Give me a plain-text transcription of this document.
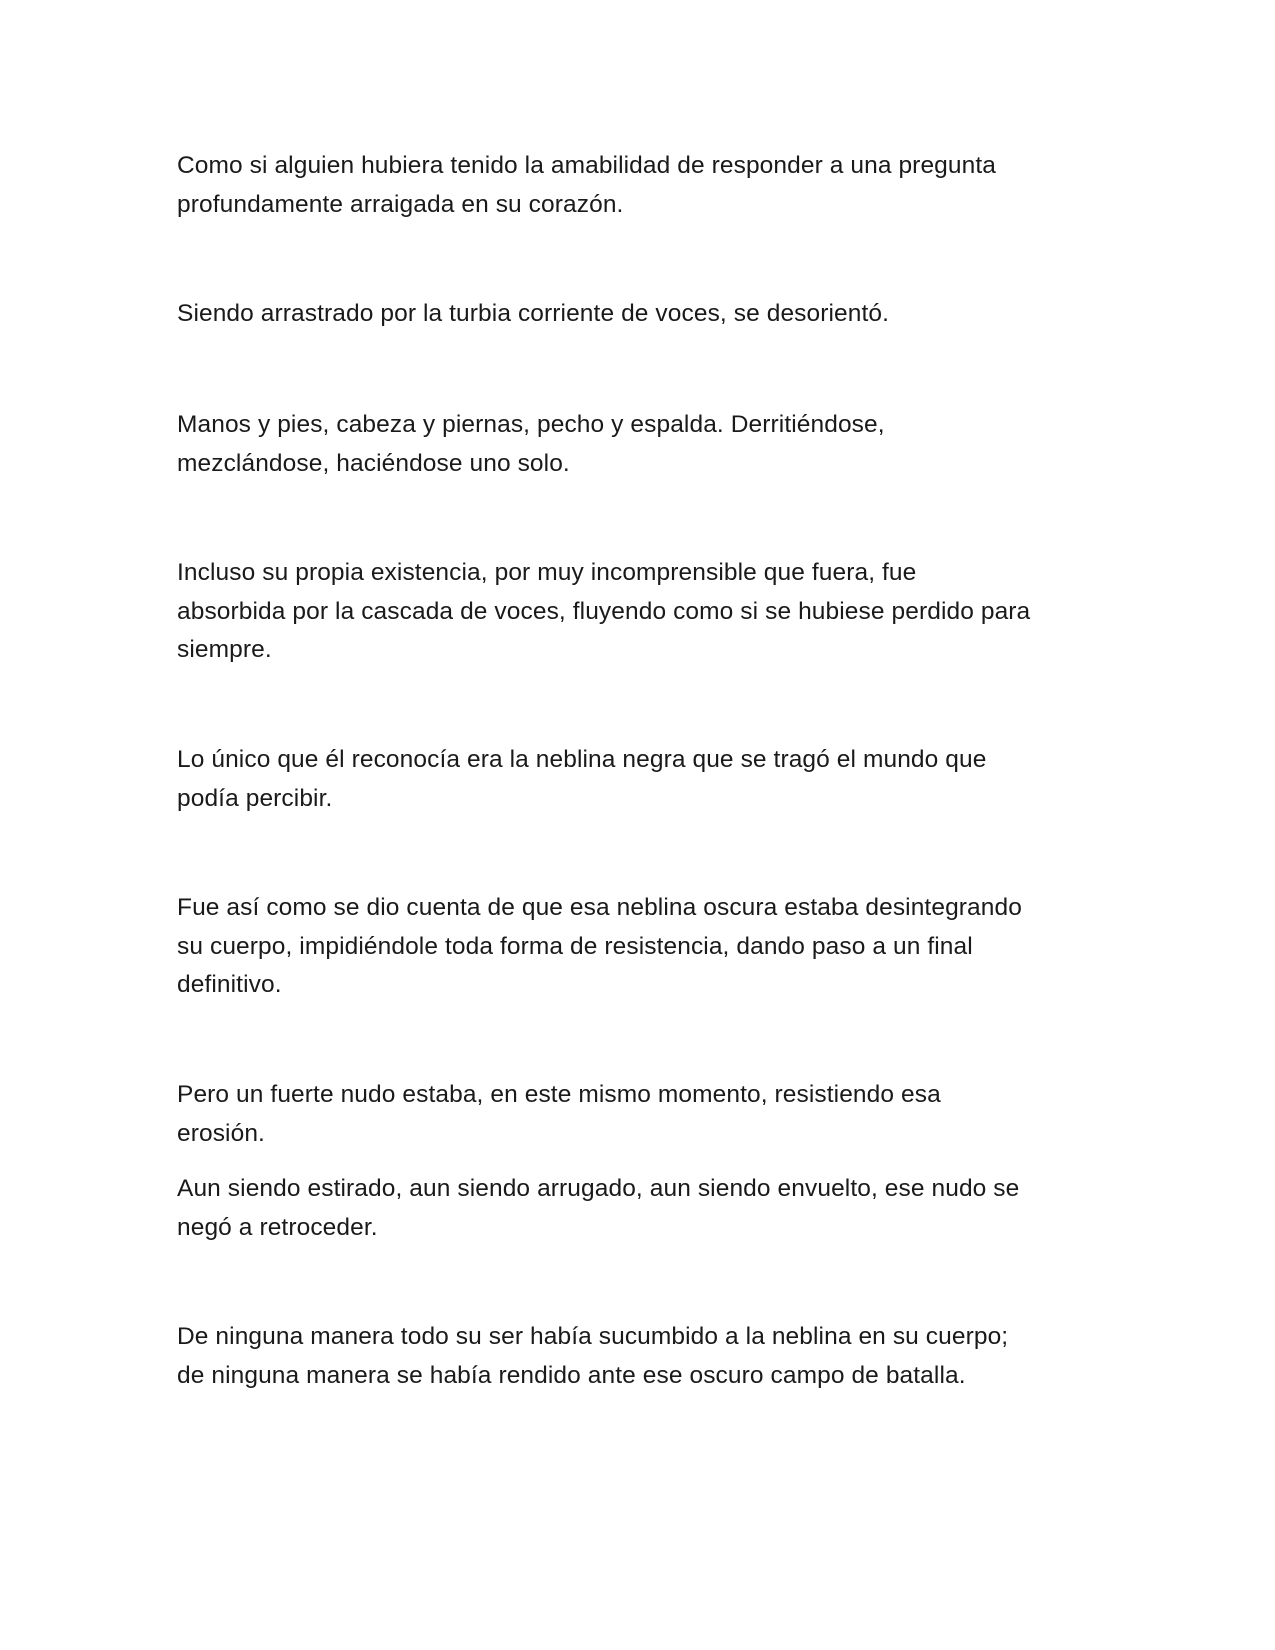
Como si alguien hubiera tenido la amabilidad de responder a una pregunta
profundamente arraigada en su corazón.

Siendo arrastrado por la turbia corriente de voces, se desorientó.

Manos y pies, cabeza y piernas, pecho y espalda. Derritiéndose,
mezclándose, haciéndose uno solo.

Incluso su propia existencia, por muy incomprensible que fuera, fue
absorbida por la cascada de voces, fluyendo como si se hubiese perdido para
siempre.

Lo único que él reconocía era la neblina negra que se tragó el mundo que
podía percibir.

Fue así como se dio cuenta de que esa neblina oscura estaba desintegrando
su cuerpo, impidiéndole toda forma de resistencia, dando paso a un final
definitivo.

Pero un fuerte nudo estaba, en este mismo momento, resistiendo esa
erosión.

Aun siendo estirado, aun siendo arrugado, aun siendo envuelto, ese nudo se
negó a retroceder.

De ninguna manera todo su ser había sucumbido a la neblina en su cuerpo;
de ninguna manera se había rendido ante ese oscuro campo de batalla.
